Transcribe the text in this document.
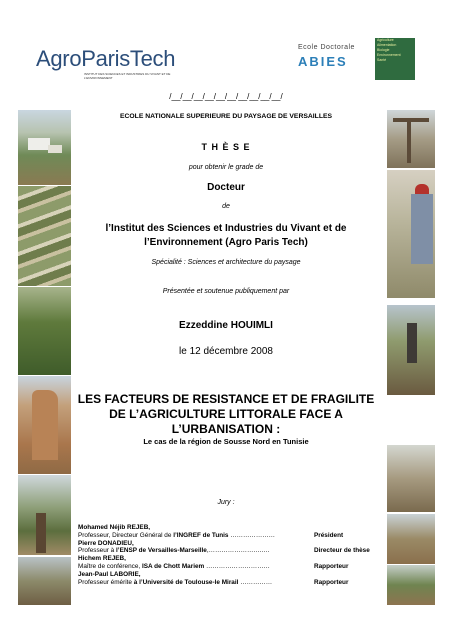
AgroParisTech
INSTITUT DES SCIENCES ET INDUSTRIES DU VIVANT ET DE L'ENVIRONNEMENT
Ecole Doctorale
ABIES
Agriculture
Alimentation
Biologie
Environnement
Santé
/__/__/__/__/__/__/__/__/__/__/
ECOLE NATIONALE SUPERIEURE DU PAYSAGE DE VERSAILLES
T H È S E
pour obtenir le grade de
Docteur
de
l’Institut des Sciences et Industries du Vivant et de
l’Environnement (Agro Paris Tech)
Spécialité : Sciences et architecture du paysage
Présentée et soutenue publiquement par
Ezzeddine HOUIMLI
le 12 décembre 2008
LES FACTEURS DE RESISTANCE ET DE FRAGILITE
DE L’AGRICULTURE LITTORALE FACE A
L’URBANISATION :
Le cas de la région de Sousse Nord en Tunisie
Jury :
Mohamed Néjib REJEB,
Professeur, Directeur Général de l’INGREF de Tunis …………………	Président
Pierre DONADIEU,
Professeur à l’ENSP de Versailles-Marseille,……………………..…	Directeur de thèse
Hichem REJEB,
Maître de conférence, ISA de Chott Mariem …………………………	Rapporteur
Jean-Paul LABORIE,
Professeur émérite à l’Université de Toulouse-le Mirail ……………	Rapporteur
